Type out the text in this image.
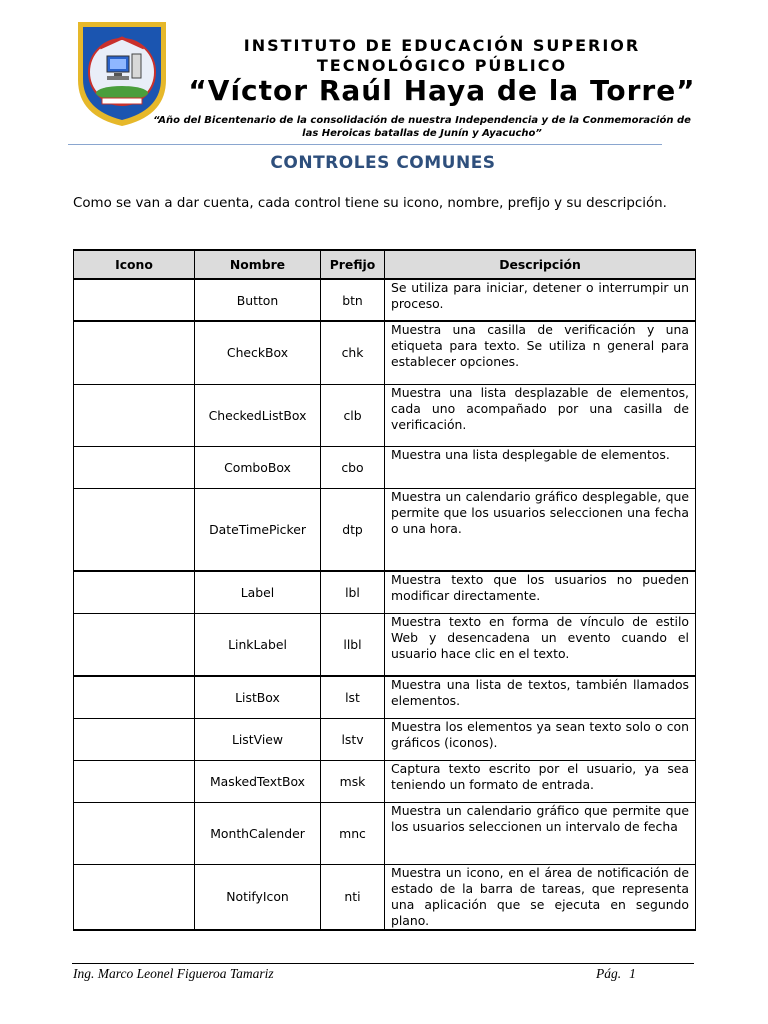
INSTITUTO DE EDUCACIÓN SUPERIOR
TECNOLÓGICO PÚBLICO
“Víctor Raúl Haya de la Torre”
“Año del Bicentenario de la consolidación de nuestra Independencia y de la Conmemoración de las Heroicas batallas de Junín y Ayacucho”
CONTROLES COMUNES
Como se van a dar cuenta, cada control tiene su icono, nombre, prefijo y su descripción.
Icono	Nombre	Prefijo	Descripción
	Button	btn	Se utiliza para iniciar, detener o interrumpir un proceso.
	CheckBox	chk	Muestra una casilla de verificación y una etiqueta para texto. Se utiliza n general para establecer opciones.
	CheckedListBox	clb	Muestra una lista desplazable de elementos, cada uno acompañado por una casilla de verificación.
	ComboBox	cbo	Muestra una lista desplegable de elementos.
	DateTimePicker	dtp	Muestra un calendario gráfico desplegable, que permite que los usuarios seleccionen una fecha o una hora.
	Label	lbl	Muestra texto que los usuarios no pueden modificar directamente.
	LinkLabel	llbl	Muestra texto en forma de vínculo de estilo Web y desencadena un evento cuando el usuario hace clic en el texto.
	ListBox	lst	Muestra una lista de textos, también llamados elementos.
	ListView	lstv	Muestra los elementos ya sean texto solo o con gráficos (iconos).
	MaskedTextBox	msk	Captura texto escrito por el usuario, ya sea teniendo un formato de entrada.
	MonthCalender	mnc	Muestra un calendario gráfico que permite que los usuarios seleccionen un intervalo de fecha
	NotifyIcon	nti	Muestra un icono, en el área de notificación de estado de la barra de tareas, que representa una aplicación que se ejecuta en segundo plano.
Ing. Marco Leonel Figueroa Tamariz	Pág. 1
